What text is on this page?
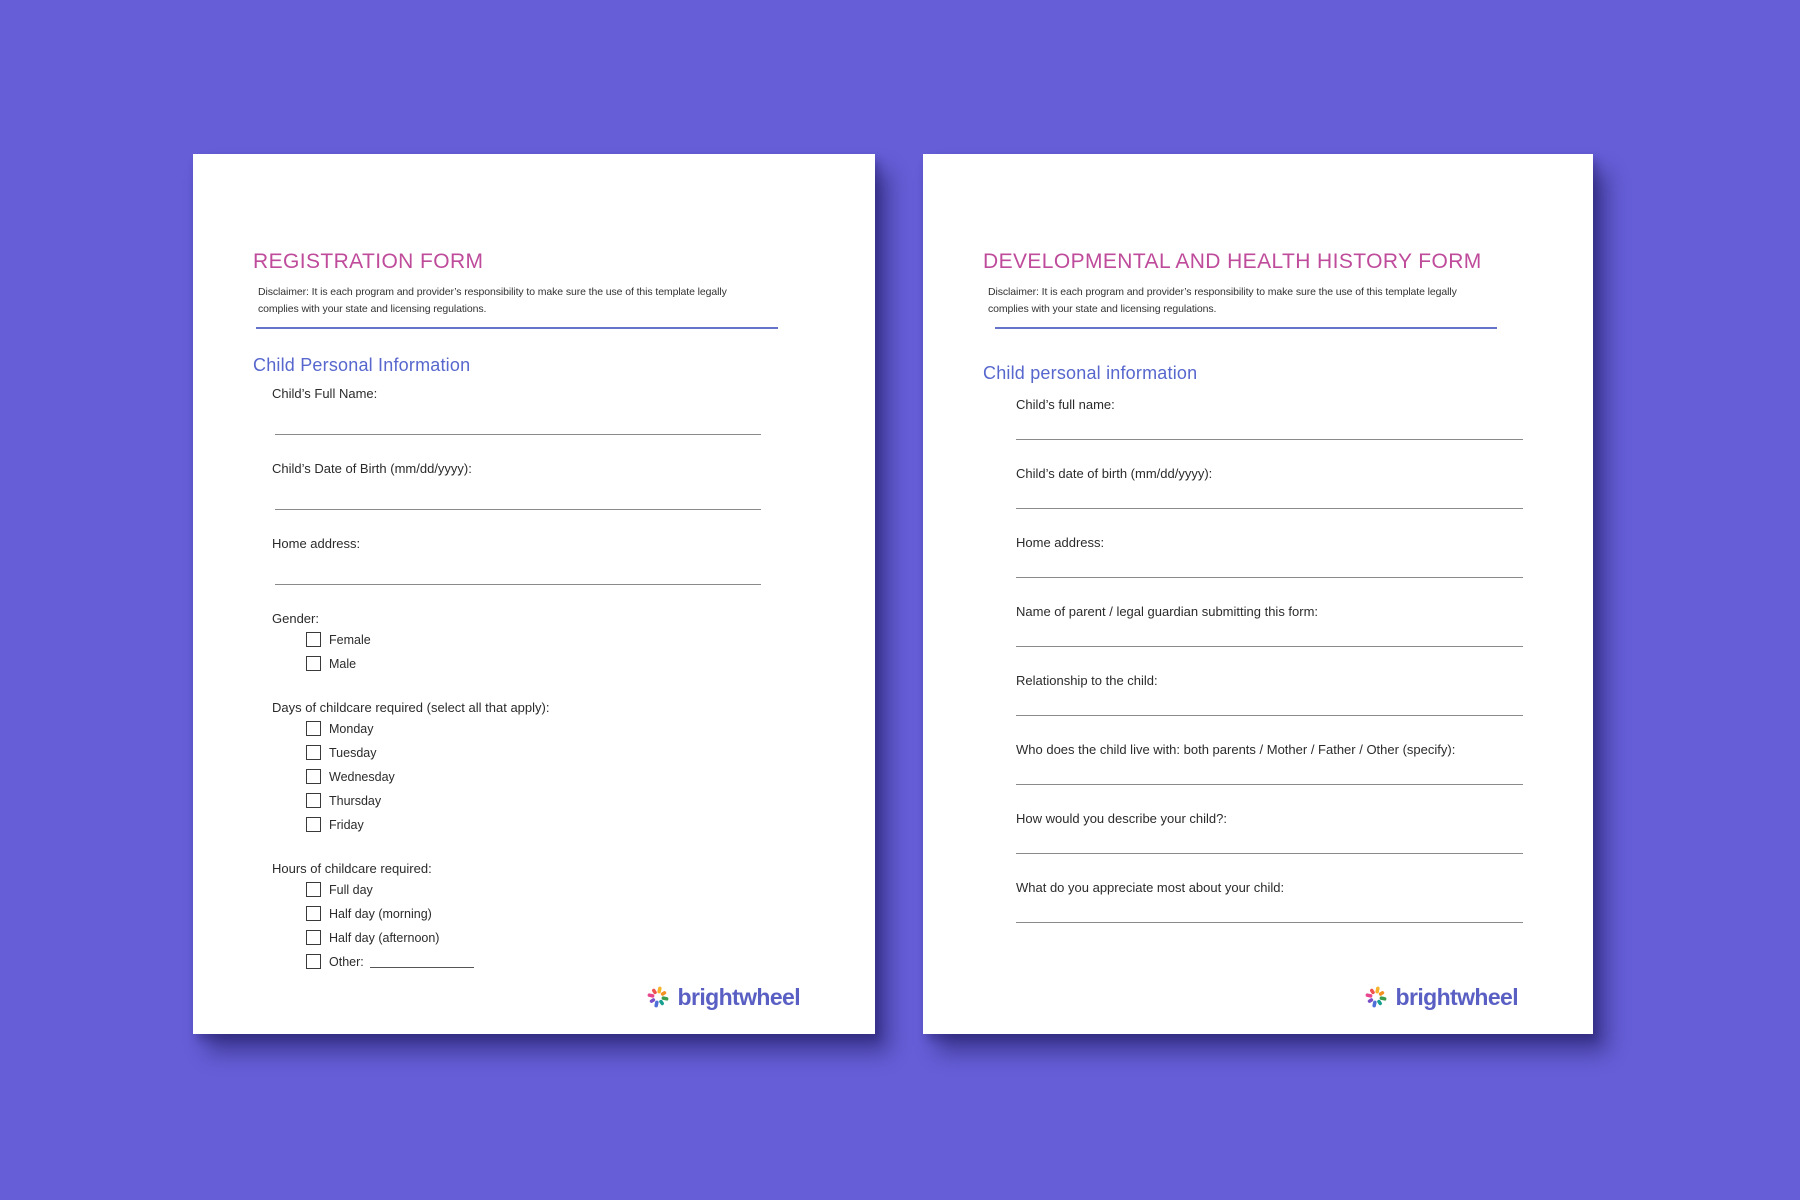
REGISTRATION FORM

Disclaimer: It is each program and provider’s responsibility to make sure the use of this template legally complies with your state and licensing regulations.

Child Personal Information
Child’s Full Name:
Child’s Date of Birth (mm/dd/yyyy):
Home address:
Gender:
Female
Male
Days of childcare required (select all that apply):
Monday
Tuesday
Wednesday
Thursday
Friday
Hours of childcare required:
Full day
Half day (morning)
Half day (afternoon)
Other:
brightwheel
DEVELOPMENTAL AND HEALTH HISTORY FORM

Disclaimer: It is each program and provider’s responsibility to make sure the use of this template legally complies with your state and licensing regulations.

Child personal information
Child’s full name:
Child’s date of birth (mm/dd/yyyy):
Home address:
Name of parent / legal guardian submitting this form:
Relationship to the child:
Who does the child live with: both parents / Mother / Father / Other (specify):
How would you describe your child?:
What do you appreciate most about your child:
brightwheel
